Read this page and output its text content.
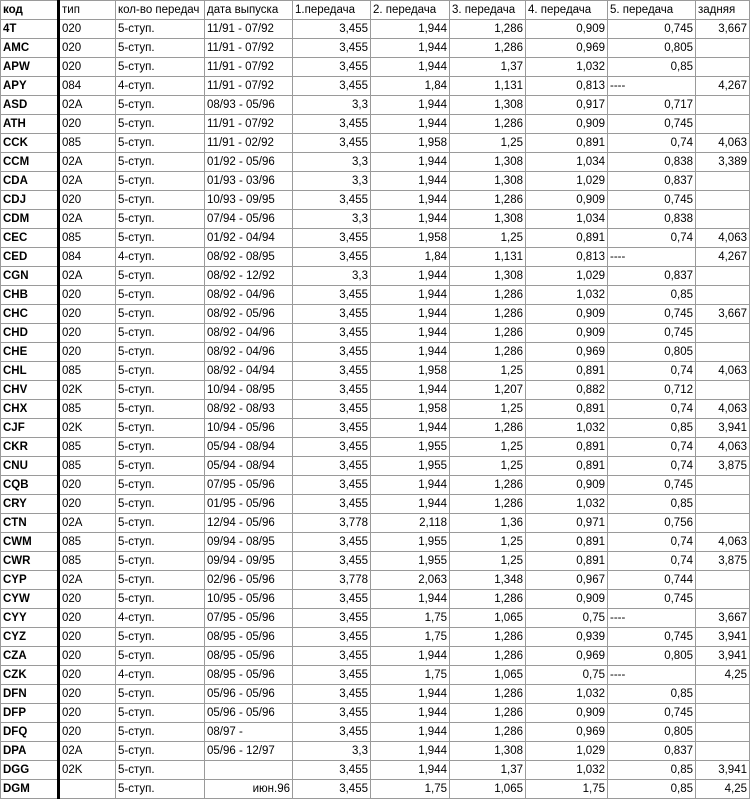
код	тип	кол-во передач	дата выпуска	1.передача	2. передача	3. передача	4. передача	5. передача	задняя
4T	020	5-ступ.	11/91 - 07/92	3,455	1,944	1,286	0,909	0,745	3,667
AMC	020	5-ступ.	11/91 - 07/92	3,455	1,944	1,286	0,969	0,805	
APW	020	5-ступ.	11/91 - 07/92	3,455	1,944	1,37	1,032	0,85	
APY	084	4-ступ.	11/91 - 07/92	3,455	1,84	1,131	0,813	----	4,267
ASD	02A	5-ступ.	08/93 - 05/96	3,3	1,944	1,308	0,917	0,717	
ATH	020	5-ступ.	11/91 - 07/92	3,455	1,944	1,286	0,909	0,745	
CCK	085	5-ступ.	11/91 - 02/92	3,455	1,958	1,25	0,891	0,74	4,063
CCM	02A	5-ступ.	01/92 - 05/96	3,3	1,944	1,308	1,034	0,838	3,389
CDA	02A	5-ступ.	01/93 - 03/96	3,3	1,944	1,308	1,029	0,837	
CDJ	020	5-ступ.	10/93 - 09/95	3,455	1,944	1,286	0,909	0,745	
CDM	02A	5-ступ.	07/94 - 05/96	3,3	1,944	1,308	1,034	0,838	
CEC	085	5-ступ.	01/92 - 04/94	3,455	1,958	1,25	0,891	0,74	4,063
CED	084	4-ступ.	08/92 - 08/95	3,455	1,84	1,131	0,813	----	4,267
CGN	02A	5-ступ.	08/92 - 12/92	3,3	1,944	1,308	1,029	0,837	
CHB	020	5-ступ.	08/92 - 04/96	3,455	1,944	1,286	1,032	0,85	
CHC	020	5-ступ.	08/92 - 05/96	3,455	1,944	1,286	0,909	0,745	3,667
CHD	020	5-ступ.	08/92 - 04/96	3,455	1,944	1,286	0,909	0,745	
CHE	020	5-ступ.	08/92 - 04/96	3,455	1,944	1,286	0,969	0,805	
CHL	085	5-ступ.	08/92 - 04/94	3,455	1,958	1,25	0,891	0,74	4,063
CHV	02K	5-ступ.	10/94 - 08/95	3,455	1,944	1,207	0,882	0,712	
CHX	085	5-ступ.	08/92 - 08/93	3,455	1,958	1,25	0,891	0,74	4,063
CJF	02K	5-ступ.	10/94 - 05/96	3,455	1,944	1,286	1,032	0,85	3,941
CKR	085	5-ступ.	05/94 - 08/94	3,455	1,955	1,25	0,891	0,74	4,063
CNU	085	5-ступ.	05/94 - 08/94	3,455	1,955	1,25	0,891	0,74	3,875
CQB	020	5-ступ.	07/95 - 05/96	3,455	1,944	1,286	0,909	0,745	
CRY	020	5-ступ.	01/95 - 05/96	3,455	1,944	1,286	1,032	0,85	
CTN	02A	5-ступ.	12/94 - 05/96	3,778	2,118	1,36	0,971	0,756	
CWM	085	5-ступ.	09/94 - 08/95	3,455	1,955	1,25	0,891	0,74	4,063
CWR	085	5-ступ.	09/94 - 09/95	3,455	1,955	1,25	0,891	0,74	3,875
CYP	02A	5-ступ.	02/96 - 05/96	3,778	2,063	1,348	0,967	0,744	
CYW	020	5-ступ.	10/95 - 05/96	3,455	1,944	1,286	0,909	0,745	
CYY	020	4-ступ.	07/95 - 05/96	3,455	1,75	1,065	0,75	----	3,667
CYZ	020	5-ступ.	08/95 - 05/96	3,455	1,75	1,286	0,939	0,745	3,941
CZA	020	5-ступ.	08/95 - 05/96	3,455	1,944	1,286	0,969	0,805	3,941
CZK	020	4-ступ.	08/95 - 05/96	3,455	1,75	1,065	0,75	----	4,25
DFN	020	5-ступ.	05/96 - 05/96	3,455	1,944	1,286	1,032	0,85	
DFP	020	5-ступ.	05/96 - 05/96	3,455	1,944	1,286	0,909	0,745	
DFQ	020	5-ступ.	08/97 -	3,455	1,944	1,286	0,969	0,805	
DPA	02A	5-ступ.	05/96 - 12/97	3,3	1,944	1,308	1,029	0,837	
DGG	02K	5-ступ.		3,455	1,944	1,37	1,032	0,85	3,941
DGM		5-ступ.	июн.96	3,455	1,75	1,065	1,75	0,85	4,25
